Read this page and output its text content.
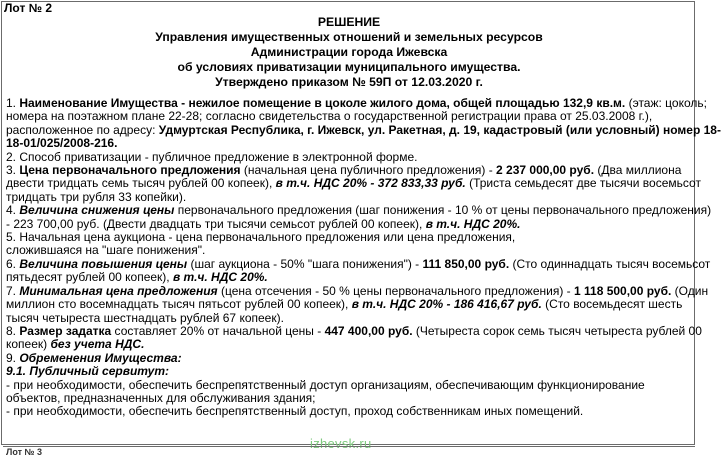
Лот № 2
РЕШЕНИЕ
Управления имущественных отношений и земельных ресурсов
Администрации города Ижевска
об условиях приватизации муниципального имущества.
Утверждено приказом № 59П от 12.03.2020 г.

1. Наименование Имущества - нежилое помещение в цоколе жилого дома, общей площадью 132,9 кв.м. (этаж: цоколь;
номера на поэтажном плане 22-28; согласно свидетельства о государственной регистрации права от 25.03.2008 г.),
расположенное по адресу: Удмуртская Республика, г. Ижевск, ул. Ракетная, д. 19, кадастровый (или условный) номер 18-
18-01/025/2008-216.

2. Способ приватизации - публичное предложение в электронной форме.

3. Цена первоначального предложения (начальная цена публичного предложения) - 2 237 000,00 руб. (Два миллиона
двести тридцать семь тысяч рублей 00 копеек), в т.ч. НДС 20% - 372 833,33 руб. (Триста семьдесят две тысячи восемьсот
тридцать три рубля 33 копейки).

4. Величина снижения цены первоначального предложения (шаг понижения - 10 % от цены первоначального предложения)
- 223 700,00 руб. (Двести двадцать три тысячи семьсот рублей 00 копеек), в т.ч. НДС 20%.

5. Начальная цена аукциона - цена первоначального предложения или цена предложения,
сложившаяся на "шаге понижения".

6. Величина повышения цены (шаг аукциона - 50% "шага понижения") - 111 850,00 руб. (Сто одиннадцать тысяч восемьсот
пятьдесят рублей 00 копеек), в т.ч. НДС 20%.

7. Минимальная цена предложения (цена отсечения - 50 % цены первоначального предложения) - 1 118 500,00 руб. (Один
миллион сто восемнадцать тысяч пятьсот рублей 00 копеек), в т.ч. НДС 20% - 186 416,67 руб. (Сто восемьдесят шесть
тысяч четыреста шестнадцать рублей 67 копеек).

8. Размер задатка составляет 20% от начальной цены - 447 400,00 руб. (Четыреста сорок семь тысяч четыреста рублей 00
копеек) без учета НДС.

9. Обременения Имущества:
9.1. Публичный сервитут:
- при необходимости, обеспечить беспрепятственный доступ организациям, обеспечивающим функционирование
объектов, предназначенных для обслуживания здания;
- при необходимости, обеспечить беспрепятственный доступ, проход собственникам иных помещений.

izhevsk.ru
Лот № 3
